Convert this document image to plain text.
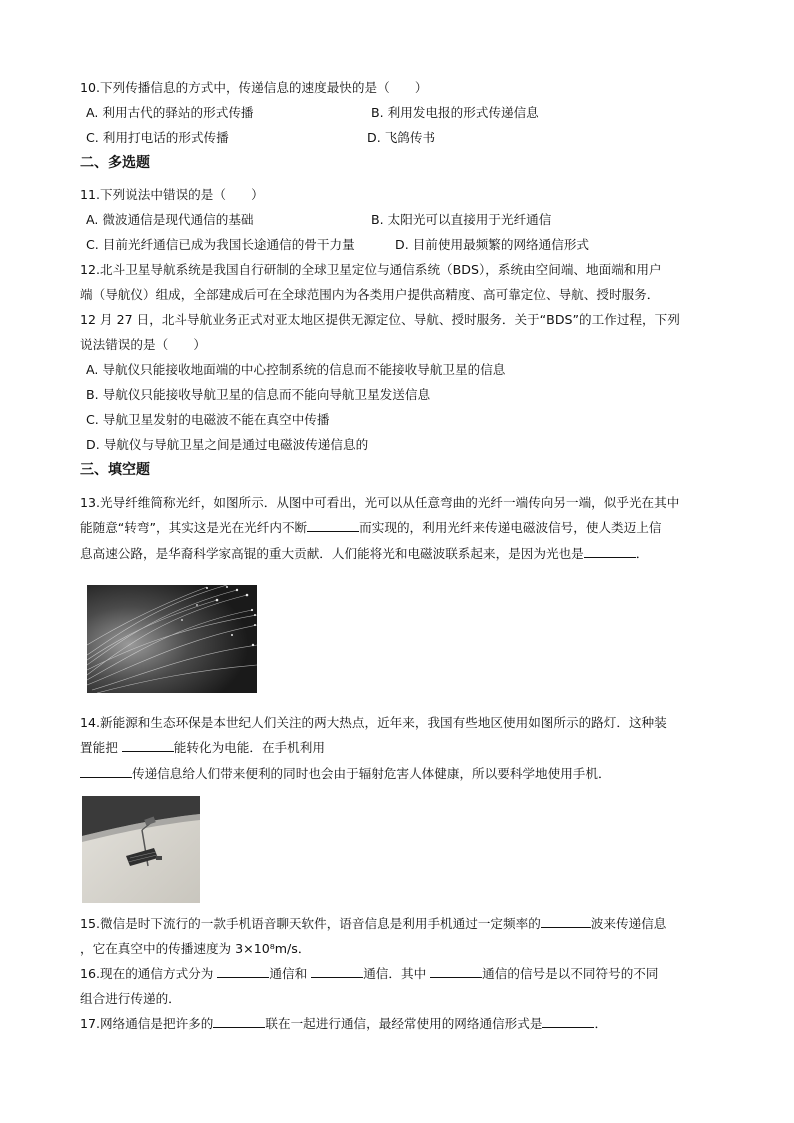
10.下列传播信息的方式中，传递信息的速度最快的是（　　）
A. 利用古代的驿站的形式传播	B. 利用发电报的形式传递信息
C. 利用打电话的形式传播	D. 飞鸽传书
二、多选题
11.下列说法中错误的是（　　）
A. 微波通信是现代通信的基础	B. 太阳光可以直接用于光纤通信
C. 目前光纤通信已成为我国长途通信的骨干力量	D. 目前使用最频繁的网络通信形式
12.北斗卫星导航系统是我国自行研制的全球卫星定位与通信系统（BDS），系统由空间端、地面端和用户
端（导航仪）组成，全部建成后可在全球范围内为各类用户提供高精度、高可靠定位、导航、授时服务．
12 月 27 日，北斗导航业务正式对亚太地区提供无源定位、导航、授时服务．关于“BDS”的工作过程，下列
说法错误的是（　　）
A. 导航仪只能接收地面端的中心控制系统的信息而不能接收导航卫星的信息
B. 导航仪只能接收导航卫星的信息而不能向导航卫星发送信息
C. 导航卫星发射的电磁波不能在真空中传播
D. 导航仪与导航卫星之间是通过电磁波传递信息的
三、填空题
13.光导纤维简称光纤，如图所示．从图中可看出，光可以从任意弯曲的光纤一端传向另一端，似乎光在其中
能随意“转弯”，其实这是光在光纤内不断	而实现的，利用光纤来传递电磁波信号，使人类迈上信
息高速公路，是华裔科学家高锟的重大贡献．人们能将光和电磁波联系起来，是因为光也是	．
14.新能源和生态环保是本世纪人们关注的两大热点，近年来，我国有些地区使用如图所示的路灯．这种装
置能把	能转化为电能．在手机利用
传递信息给人们带来便利的同时也会由于辐射危害人体健康，所以要科学地使用手机．
15.微信是时下流行的一款手机语音聊天软件，语音信息是利用手机通过一定频率的	波来传递信息
，它在真空中的传播速度为 3×10⁸m/s．
16.现在的通信方式分为	通信和	通信．其中	通信的信号是以不同符号的不同
组合进行传递的．
17.网络通信是把许多的	联在一起进行通信，最经常使用的网络通信形式是	．
